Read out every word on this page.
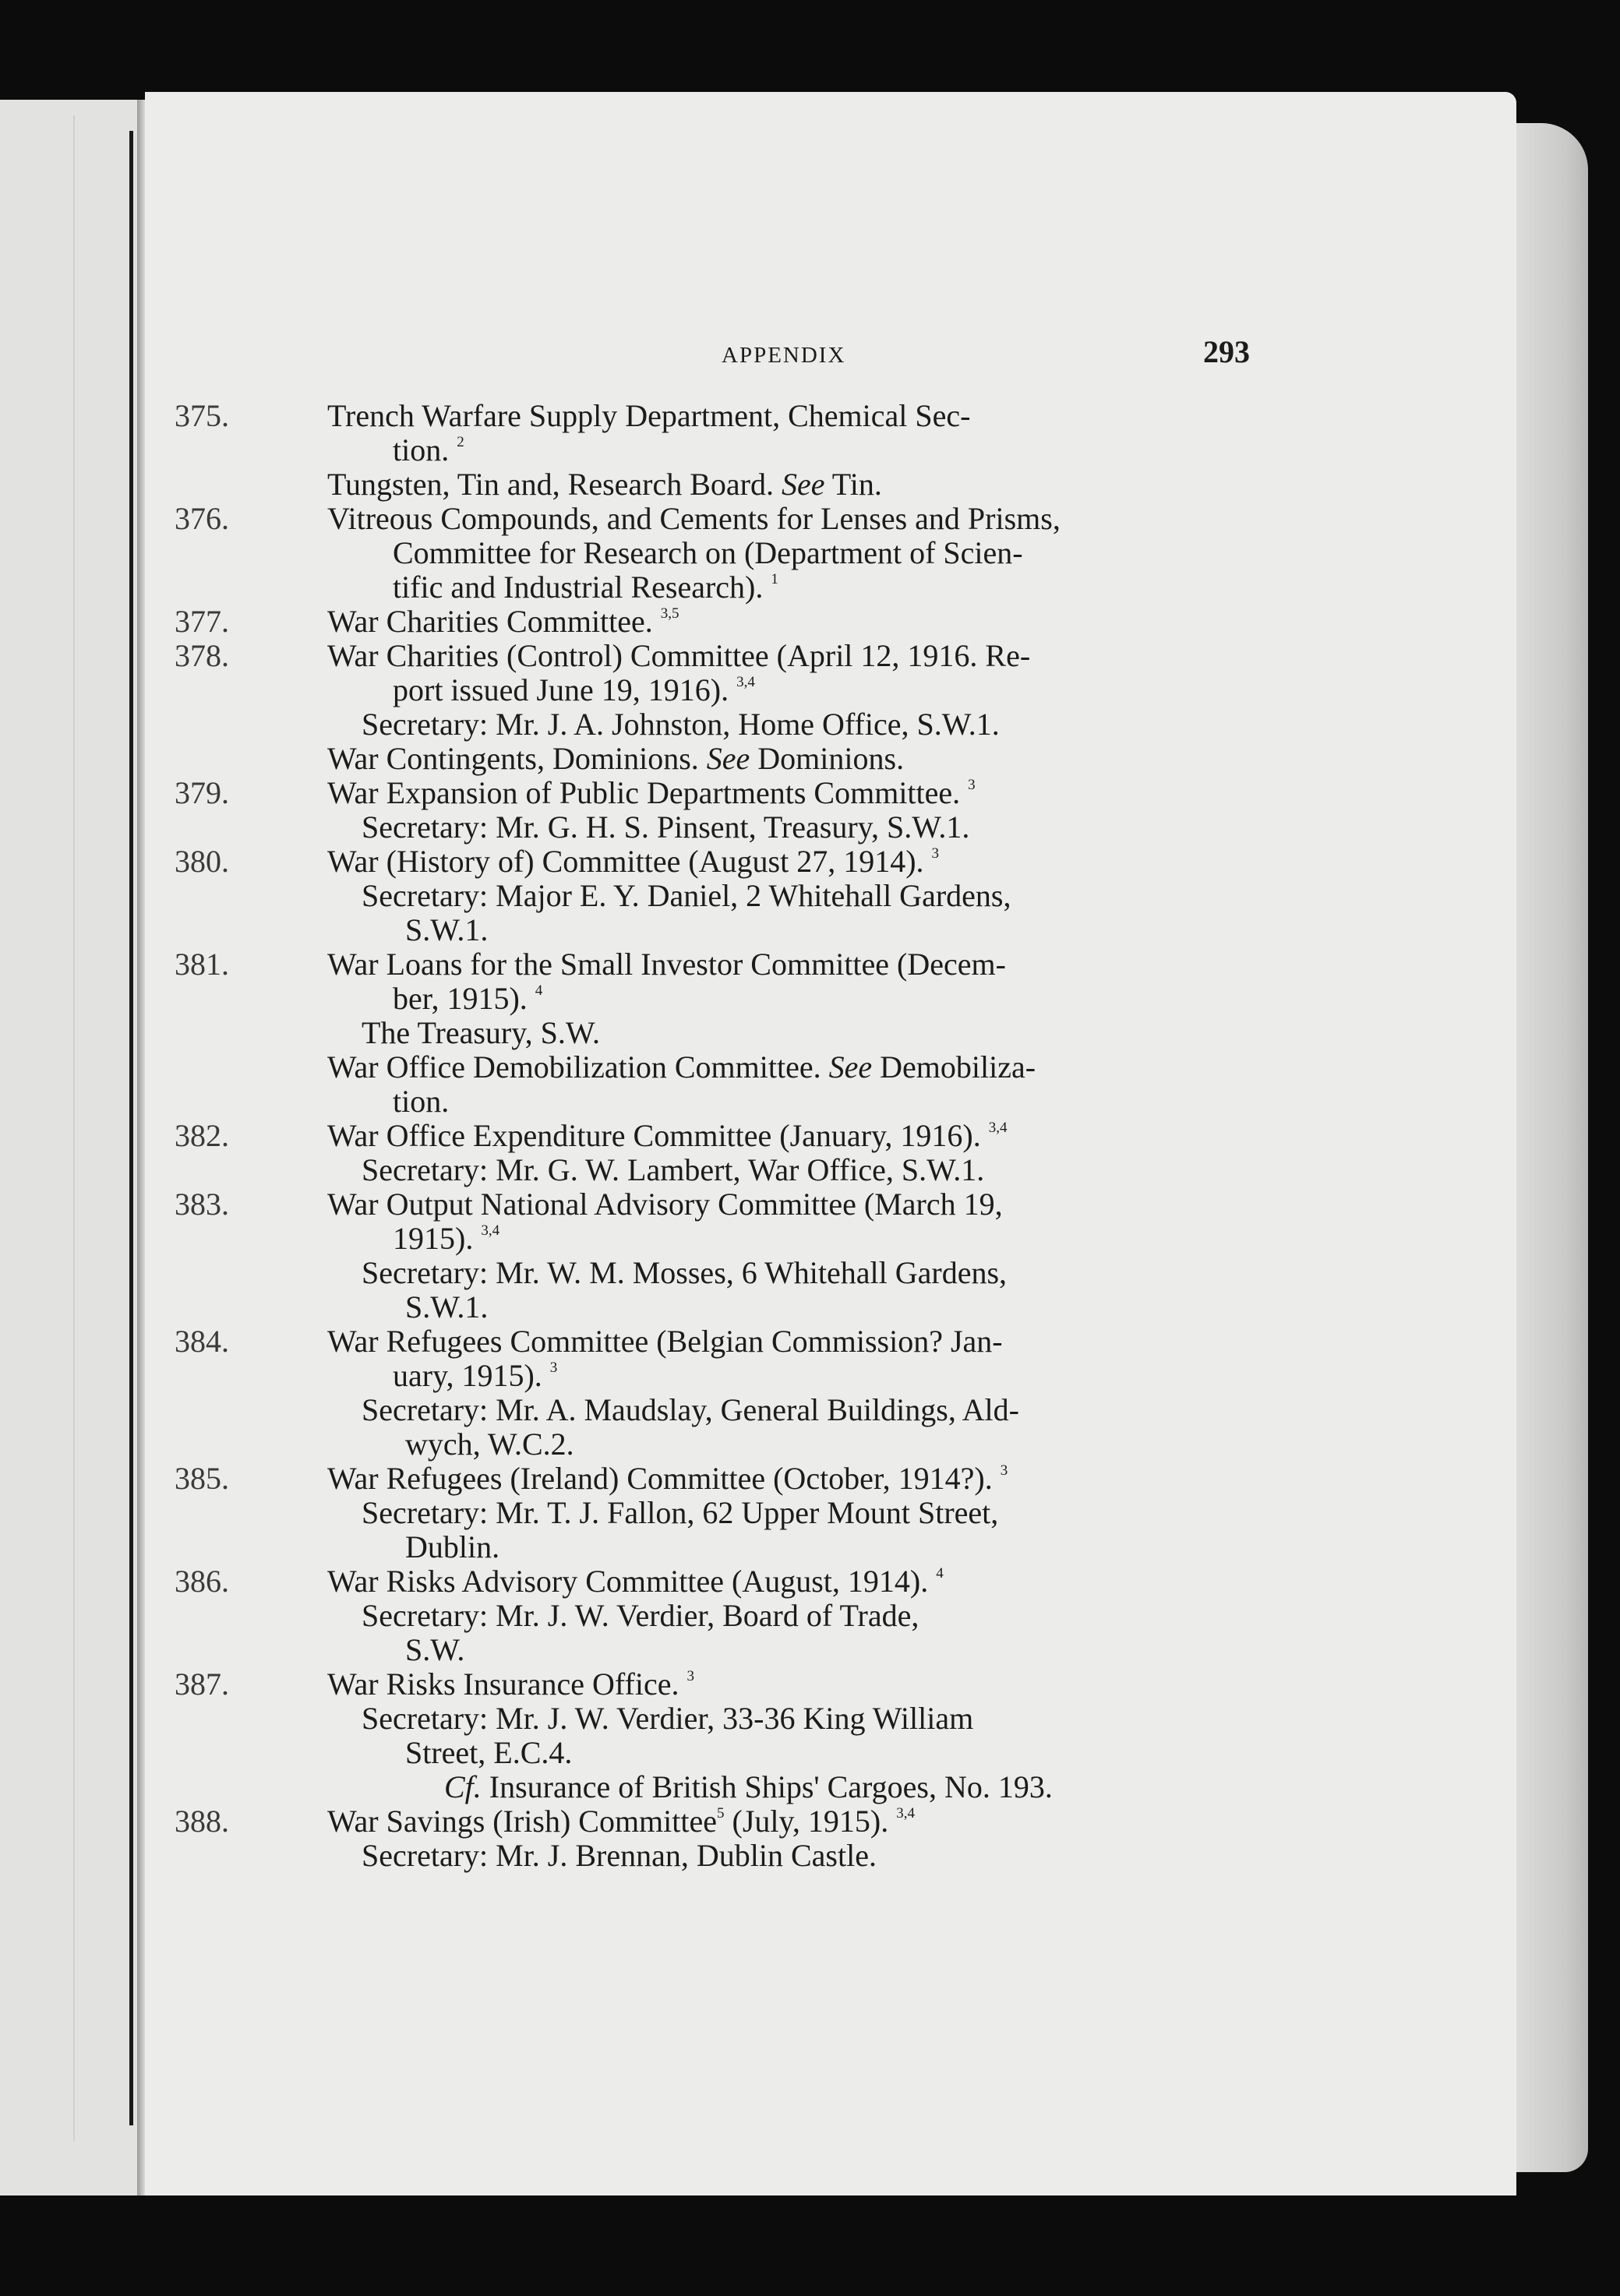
APPENDIX	293

375.	Trench Warfare Supply Department, Chemical Sec-
tion. $^2$
Tungsten, Tin and, Research Board. See Tin.
376.	Vitreous Compounds, and Cements for Lenses and Prisms,
Committee for Research on (Department of Scien-
tific and Industrial Research). $^1$
377.	War Charities Committee. $^{3,5}$
378.	War Charities (Control) Committee (April 12, 1916. Re-
port issued June 19, 1916). $^{3,4}$
Secretary: Mr. J. A. Johnston, Home Office, S.W.1.
War Contingents, Dominions. See Dominions.
379.	War Expansion of Public Departments Committee. $^3$
Secretary: Mr. G. H. S. Pinsent, Treasury, S.W.1.
380.	War (History of) Committee (August 27, 1914). $^3$
Secretary: Major E. Y. Daniel, 2 Whitehall Gardens,
S.W.1.
381.	War Loans for the Small Investor Committee (Decem-
ber, 1915). $^4$
The Treasury, S.W.
War Office Demobilization Committee. See Demobiliza-
tion.
382.	War Office Expenditure Committee (January, 1916). $^{3,4}$
Secretary: Mr. G. W. Lambert, War Office, S.W.1.
383.	War Output National Advisory Committee (March 19,
1915). $^{3,4}$
Secretary: Mr. W. M. Mosses, 6 Whitehall Gardens,
S.W.1.
384.	War Refugees Committee (Belgian Commission? Jan-
uary, 1915). $^3$
Secretary: Mr. A. Maudslay, General Buildings, Ald-
wych, W.C.2.
385.	War Refugees (Ireland) Committee (October, 1914?). $^3$
Secretary: Mr. T. J. Fallon, 62 Upper Mount Street,
Dublin.
386.	War Risks Advisory Committee (August, 1914). $^4$
Secretary: Mr. J. W. Verdier, Board of Trade,
S.W.
387.	War Risks Insurance Office. $^3$
Secretary: Mr. J. W. Verdier, 33-36 King William
Street, E.C.4.
Cf. Insurance of British Ships' Cargoes, No. 193.
388.	War Savings (Irish) Committee$^5$ (July, 1915). $^{3,4}$
Secretary: Mr. J. Brennan, Dublin Castle.
